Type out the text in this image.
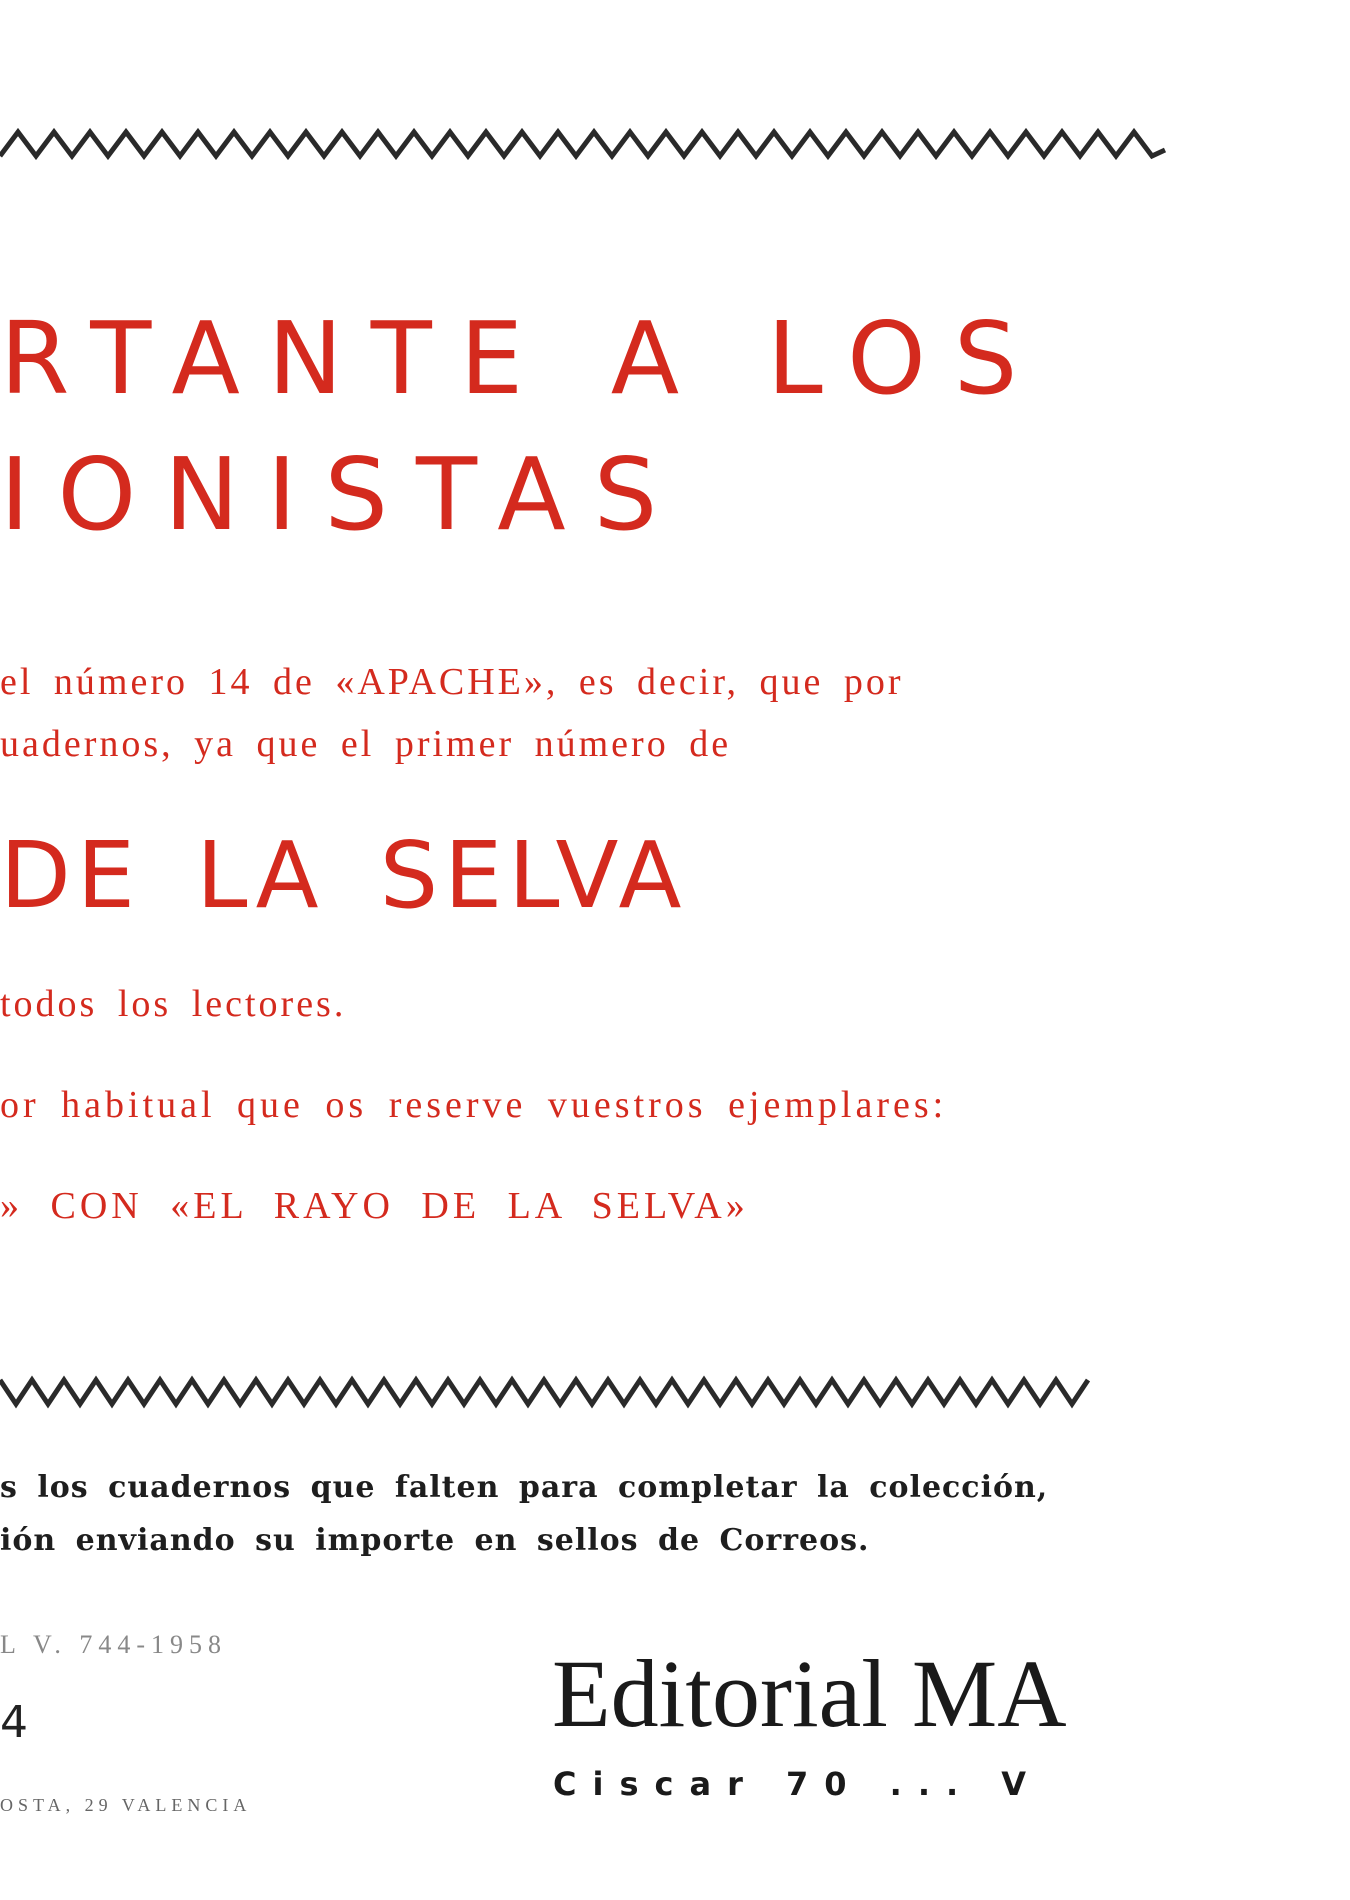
RTANTE A LOS
IONISTAS
el número 14 de «APACHE», es decir, que por
uadernos, ya que el primer número de
DE LA SELVA
todos los lectores.
or habitual que os reserve vuestros ejemplares:
» CON «EL RAYO DE LA SELVA»
s los cuadernos que falten para completar la colección,
ión enviando su importe en sellos de Correos.
L V. 744-1958
4
OSTA, 29 VALENCIA
Editorial MA
Ciscar 70 ... V
